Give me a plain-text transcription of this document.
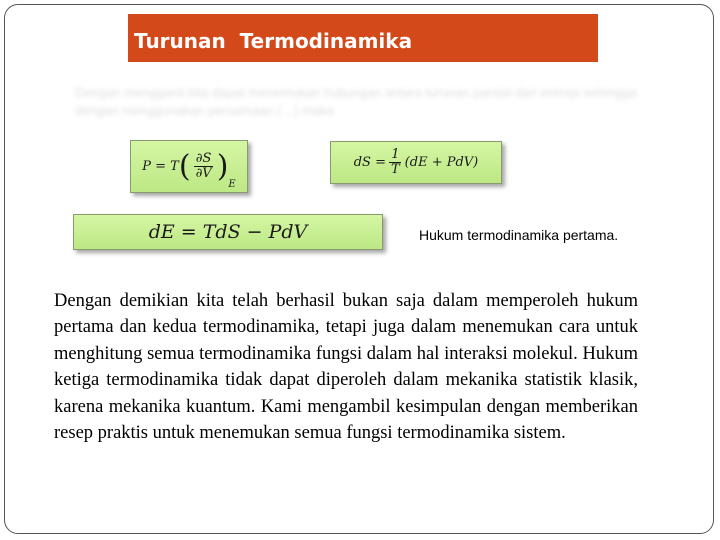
Turunan  Termodinamika
Dengan mengganti kita dapat menemukan hubungan antara turunan parsial dari entropi sehingga dengan menggunakan persamaan (…) maka
P = T ( $\frac{\partial S}{\partial V}$ )
E
dS = $\frac{1}{T} (dE + PdV)$
dE = TdS − PdV	Hukum termodinamika pertama.

Dengan demikian kita telah berhasil bukan saja dalam memperoleh hukum pertama dan kedua termodinamika, tetapi juga dalam menemukan cara untuk menghitung semua termodinamika fungsi dalam hal interaksi molekul. Hukum ketiga termodinamika tidak dapat diperoleh dalam mekanika statistik klasik, karena mekanika kuantum. Kami mengambil kesimpulan dengan memberikan resep praktis untuk menemukan semua fungsi termodinamika sistem.
